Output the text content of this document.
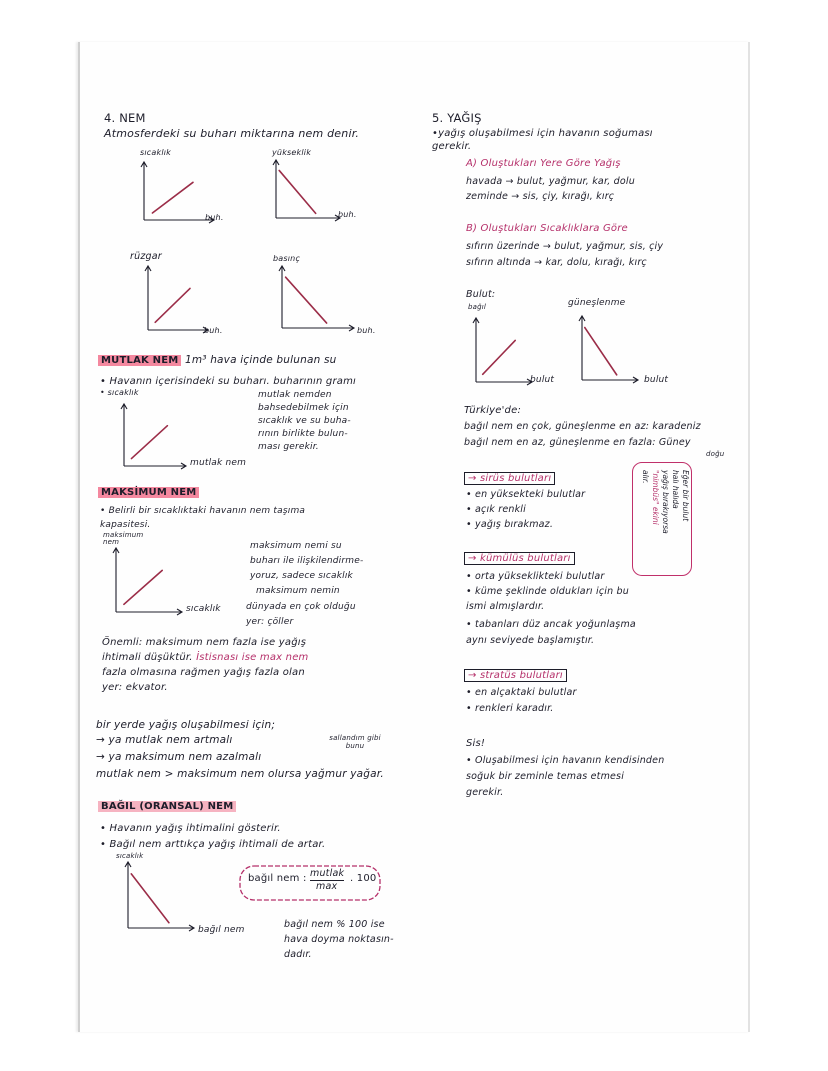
4. NEM
Atmosferdeki su buharı miktarına nem denir.
sıcaklık
buh.
yükseklik
buh.
rüzgar
buh.
basınç
buh.
MUTLAK NEM 1m³ hava içinde bulunan su
• Havanın içerisindeki su buharı. buharının gramı
• sıcaklık
mutlak nem
mutlak nemden
bahsedebilmek için
sıcaklık ve su buha-
rının birlikte bulun-
ması gerekir.
MAKSİMUM NEM
• Belirli bir sıcaklıktaki havanın nem taşıma
kapasitesi.
maksimum nem
sıcaklık
maksimum nemi su
buharı ile ilişkilendirme-
yoruz, sadece sıcaklık
maksimum nemin
dünyada en çok olduğu
yer: çöller
Önemli: maksimum nem fazla ise yağış
ihtimali düşüktür. İstisnası ise max nem
fazla olmasına rağmen yağış fazla olan
yer: ekvator.
bir yerde yağış oluşabilmesi için;
→ ya mutlak nem artmalı	sallandım gibi bunu
→ ya maksimum nem azalmalı
mutlak nem > maksimum nem olursa yağmur yağar.
BAĞIL (ORANSAL) NEM
• Havanın yağış ihtimalini gösterir.
• Bağıl nem arttıkça yağış ihtimali de artar.
sıcaklık
bağıl nem
bağıl nem : mutlak
max
. 100
bağıl nem % 100 ise
hava doyma noktasın-
dadır.
5. YAĞIŞ
•yağış oluşabilmesi için havanın soğuması
gerekir.
A) Oluştukları Yere Göre Yağış
havada → bulut, yağmur, kar, dolu
zeminde → sis, çiy, kırağı, kırç
B) Oluştukları Sıcaklıklara Göre
sıfırın üzerinde → bulut, yağmur, sis, çiy
sıfırın altında → kar, dolu, kırağı, kırç
Bulut:
bağıl
bulut
güneşlenme
bulut
Türkiye'de:
bağıl nem en çok, güneşlenme en az: karadeniz
bağıl nem en az, güneşlenme en fazla: Güney
doğu
→ sirüs bulutları
• en yüksekteki bulutlar
• açık renkli
• yağış bırakmaz.
Eğer bir bulut
halı halıda
yağış bırakıyorsa
"nimbüs" ekini
alır.
→ kümülüs bulutları
• orta yükseklikteki bulutlar
• küme şeklinde oldukları için bu
ismi almışlardır.
• tabanları düz ancak yoğunlaşma
aynı seviyede başlamıştır.
→ stratüs bulutları
• en alçaktaki bulutlar
• renkleri karadır.
Sis!
• Oluşabilmesi için havanın kendisinden
soğuk bir zeminle temas etmesi
gerekir.
